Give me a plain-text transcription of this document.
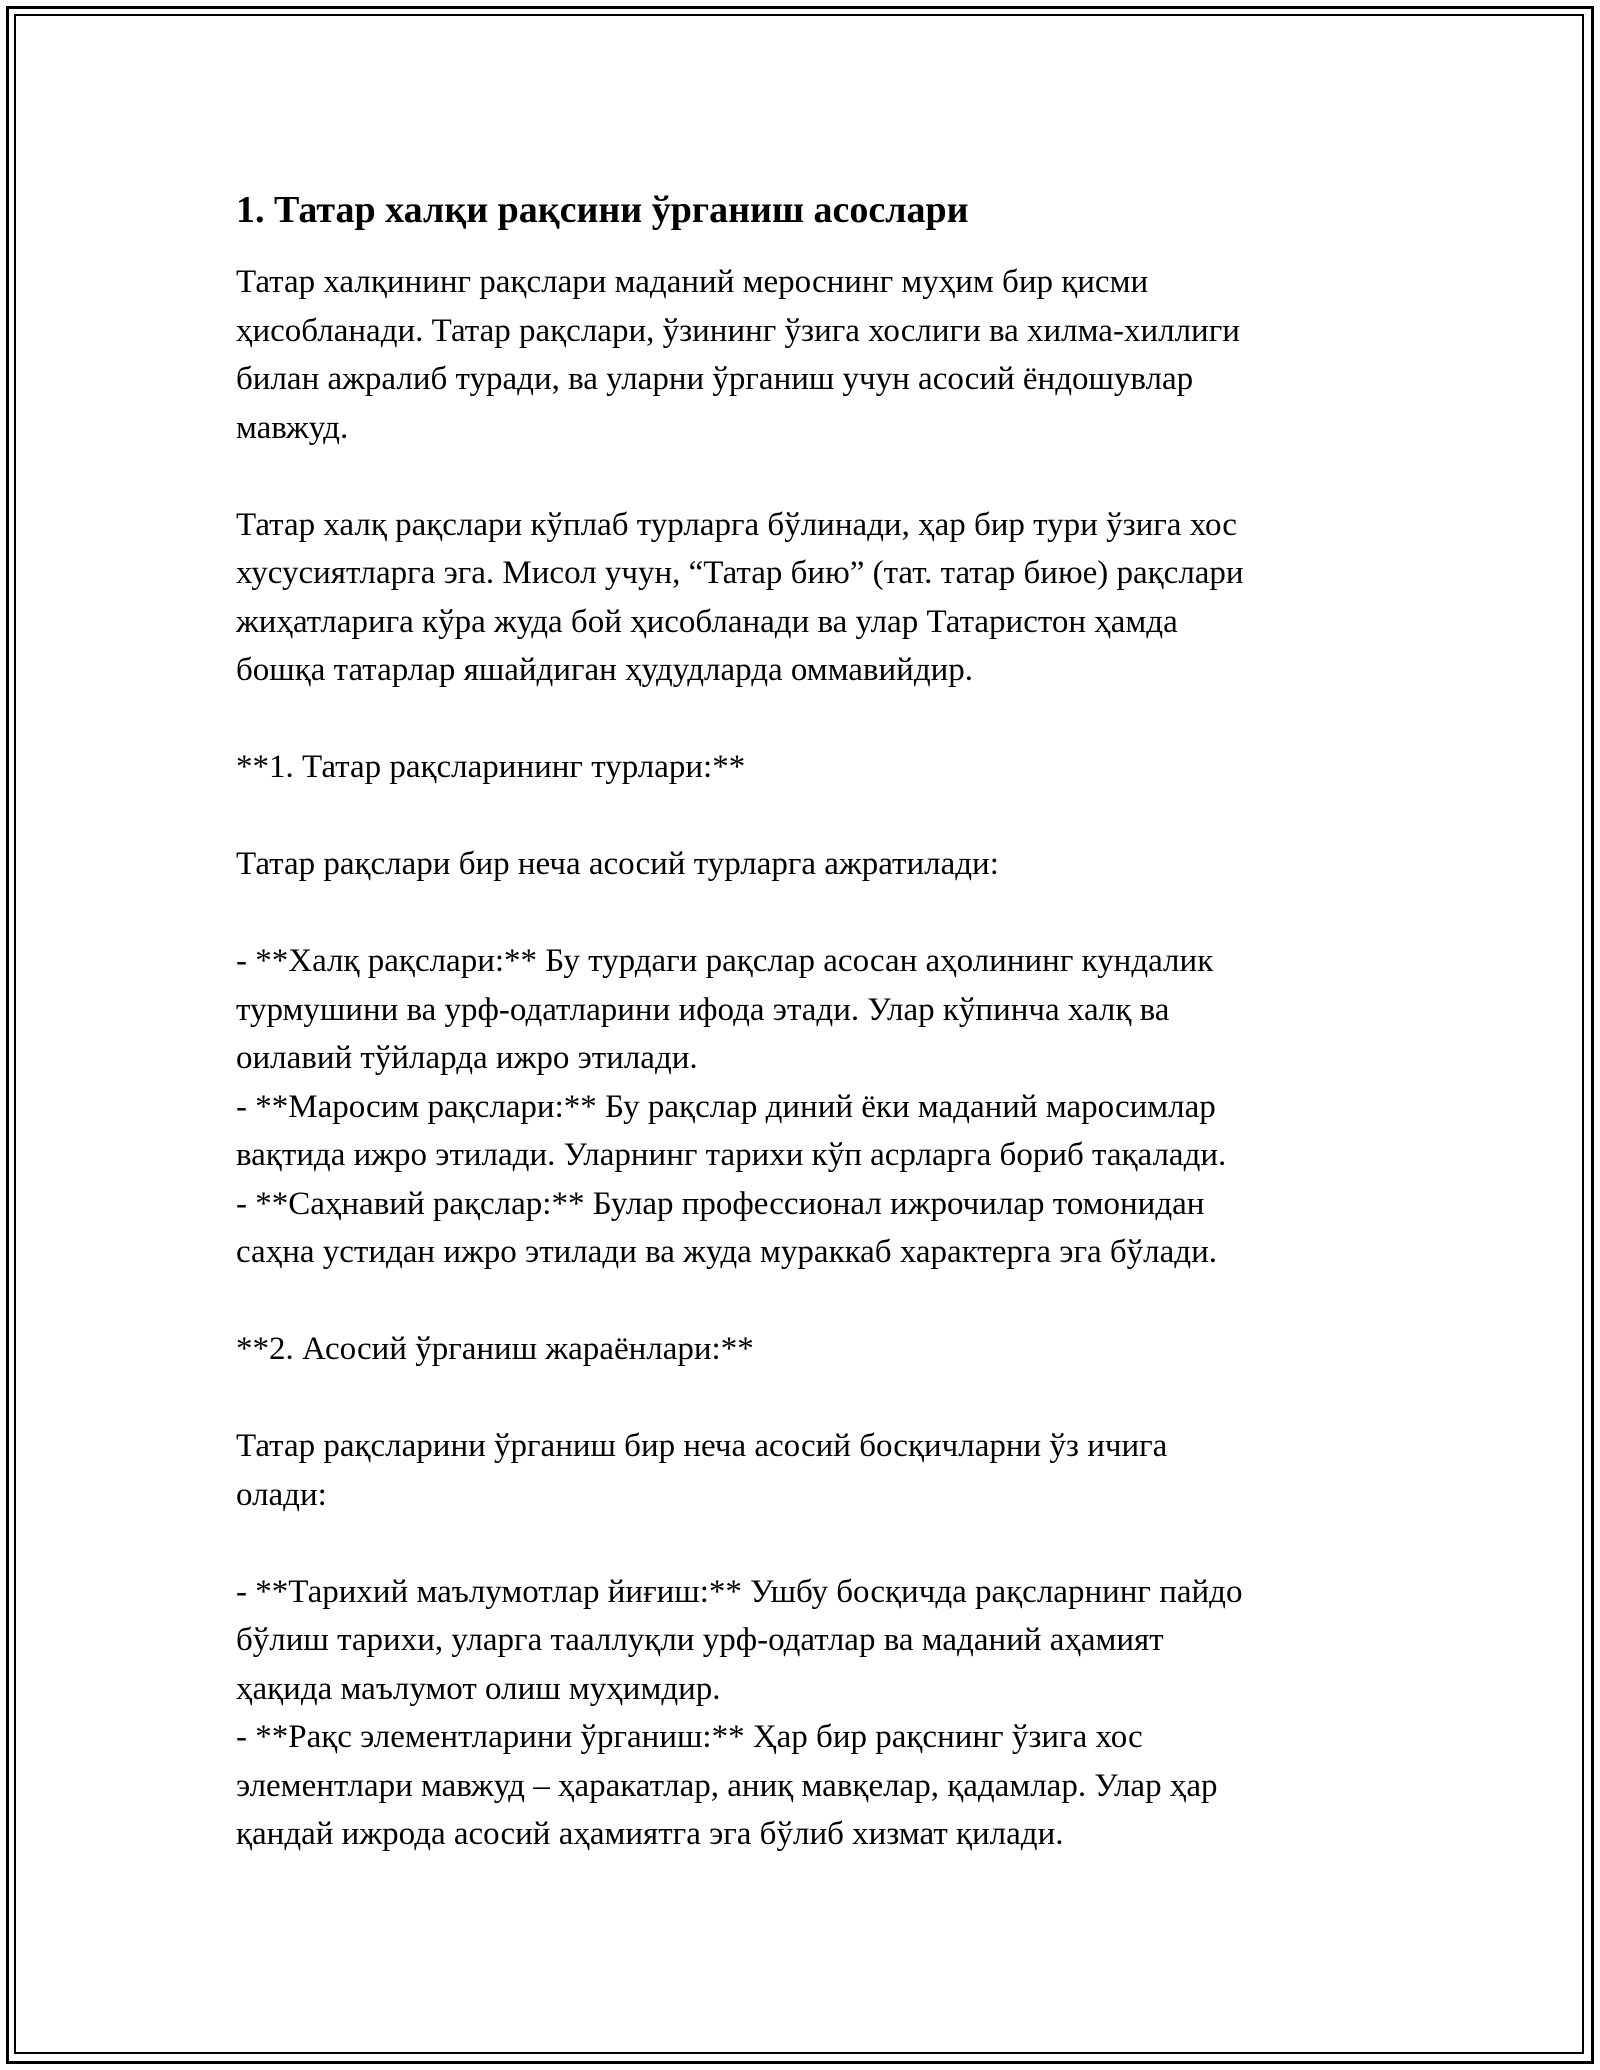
1. Татар халқи рақсини ўрганиш асослари

Татар халқининг рақслари маданий мероснинг муҳим бир қисми
ҳисобланади. Татар рақслари, ўзининг ўзига хослиги ва хилма-хиллиги
билан ажралиб туради, ва уларни ўрганиш учун асосий ёндошувлар
мавжуд.

Татар халқ рақслари кўплаб турларга бўлинади, ҳар бир тури ўзига хос
хусусиятларга эга. Мисол учун, “Татар бию” (тат. татар биюе) рақслари
жиҳатларига кўра жуда бой ҳисобланади ва улар Татаристон ҳамда
бошқа татарлар яшайдиган ҳудудларда оммавийдир.

**1. Татар рақсларининг турлари:**

Татар рақслари бир неча асосий турларга ажратилади:

- **Халқ рақслари:** Бу турдаги рақслар асосан аҳолининг кундалик
турмушини ва урф-одатларини ифода этади. Улар кўпинча халқ ва
оилавий тўйларда ижро этилади.
- **Маросим рақслари:** Бу рақслар диний ёки маданий маросимлар
вақтида ижро этилади. Уларнинг тарихи кўп асрларга бориб тақалади.
- **Саҳнавий рақслар:** Булар профессионал ижрочилар томонидан
саҳна устидан ижро этилади ва жуда мураккаб характерга эга бўлади.

**2. Асосий ўрганиш жараёнлари:**

Татар рақсларини ўрганиш бир неча асосий босқичларни ўз ичига
олади:

- **Тарихий маълумотлар йиғиш:** Ушбу босқичда рақсларнинг пайдо
бўлиш тарихи, уларга тааллуқли урф-одатлар ва маданий аҳамият
ҳақида маълумот олиш муҳимдир.
- **Рақс элементларини ўрганиш:** Ҳар бир рақснинг ўзига хос
элементлари мавжуд – ҳаракатлар, аниқ мавқелар, қадамлар. Улар ҳар
қандай ижрода асосий аҳамиятга эга бўлиб хизмат қилади.
